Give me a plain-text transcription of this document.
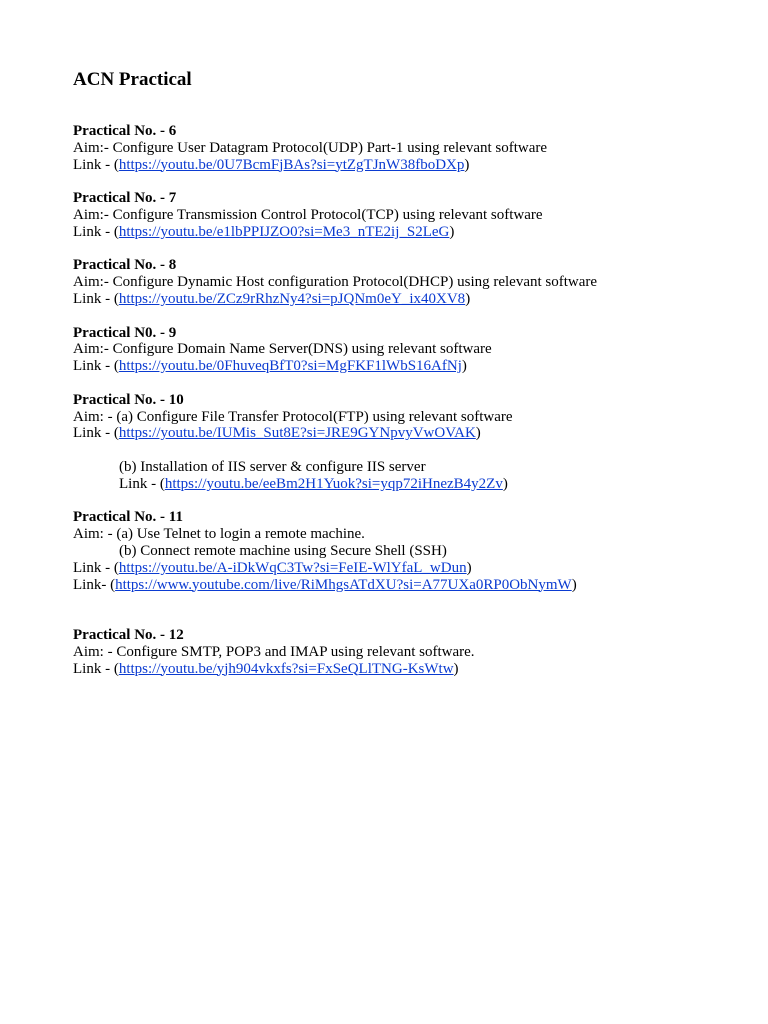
ACN Practical
Practical No. - 6
Aim:- Configure User Datagram Protocol(UDP) Part-1 using relevant software
Link - (https://youtu.be/0U7BcmFjBAs?si=ytZgTJnW38fboDXp)
Practical No. - 7
Aim:- Configure Transmission Control Protocol(TCP) using relevant software
Link - (https://youtu.be/e1lbPPIJZO0?si=Me3_nTE2ij_S2LeG)
Practical No. - 8
Aim:- Configure Dynamic Host configuration Protocol(DHCP) using relevant software
Link - (https://youtu.be/ZCz9rRhzNy4?si=pJQNm0eY_ix40XV8)
Practical N0. - 9
Aim:- Configure Domain Name Server(DNS) using relevant software
Link - (https://youtu.be/0FhuveqBfT0?si=MgFKF1lWbS16AfNj)
Practical No. - 10
Aim: - (a) Configure File Transfer Protocol(FTP) using relevant software
Link - (https://youtu.be/IUMis_Sut8E?si=JRE9GYNpvyVwOVAK)
(b) Installation of IIS server & configure IIS server
Link - (https://youtu.be/eeBm2H1Yuok?si=yqp72iHnezB4y2Zv)
Practical No. - 11
Aim: - (a) Use Telnet to login a remote machine.
(b) Connect remote machine using Secure Shell (SSH)
Link - (https://youtu.be/A-iDkWqC3Tw?si=FeIE-WlYfaL_wDun)
Link- (https://www.youtube.com/live/RiMhgsATdXU?si=A77UXa0RP0ObNymW)
Practical No. - 12
Aim: - Configure SMTP, POP3 and IMAP using relevant software.
Link - (https://youtu.be/yjh904vkxfs?si=FxSeQLlTNG-KsWtw)
